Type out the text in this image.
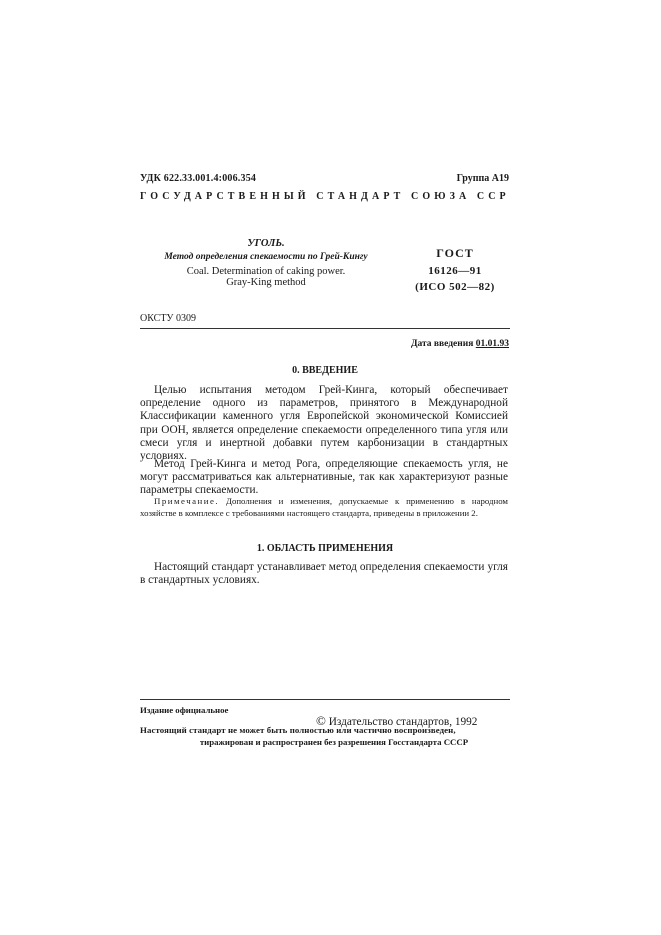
УДК 622.33.001.4:006.354	Группа А19
ГОСУДАРСТВЕННЫЙ СТАНДАРТ СОЮЗА ССР
УГОЛЬ.
Метод определения спекаемости по Грей-Кингу
Coal. Determination of caking power.
Gray-King method
ГОСТ
16126—91
(ИСО 502—82)
ОКСТУ 0309
Дата введения 01.01.93
0. ВВЕДЕНИЕ
Целью испытания методом Грей-Кинга, который обеспечивает определение одного из параметров, принятого в Международной Классификации каменного угля Европейской экономической Комиссией при ООН, является определение спекаемости определенного типа угля или смеси угля и инертной добавки путем карбонизации в стандартных условиях.
Метод Грей-Кинга и метод Рога, определяющие спекаемость угля, не могут рассматриваться как альтернативные, так как характеризуют разные параметры спекаемости.
Примечание. Дополнения и изменения, допускаемые к применению в народном хозяйстве в комплексе с требованиями настоящего стандарта, приведены в приложении 2.
1. ОБЛАСТЬ ПРИМЕНЕНИЯ
Настоящий стандарт устанавливает метод определения спекаемости угля в стандартных условиях.
Издание официальное
© Издательство стандартов, 1992
Настоящий стандарт не может быть полностью или частично воспроизведен,
тиражирован и распространен без разрешения Госстандарта СССР
